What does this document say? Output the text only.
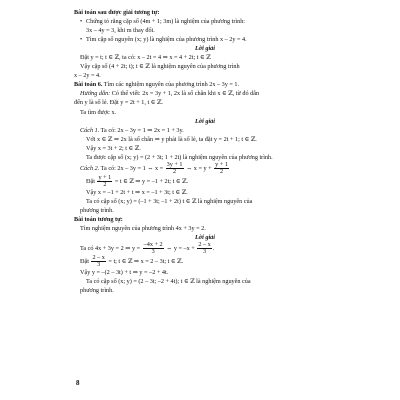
Bài toán sau được giải tương tự:
• Chứng tỏ rằng cặp số (4m + 1; 3m) là nghiệm của phương trình:
3x – 4y = 3, khi m thay đổi.
• Tìm cặp số nguyên (x; y) là nghiệm của phương trình x – 2y = 4.
Lời giải
Đặt y = t; t ∈ ℤ, ta có: x – 2t = 4 ⇒ x = 4 + 2t; t ∈ ℤ
Vậy cặp số (4 + 2t; t); t ∈ ℤ là nghiệm nguyên của phương trình
x – 2y = 4.
Bài toán 6. Tìm các nghiệm nguyên của phương trình 2x – 3y = 1.
Hướng dẫn: Có thể viết: 2x = 3y + 1, 2x là số chẵn khi x ∈ ℤ, từ đó dẫn
đến y là số lẻ. Đặt y = 2t + 1, t ∈ ℤ.
Ta tìm được x.
Lời giải
Cách 1. Ta có: 2x – 3y = 1 ⇒ 2x = 1 + 3y.
Với x ∈ ℤ ⇒ 2x là số chẵn ⇒ y phải là số lẻ, ta đặt y = 2t + 1; t ∈ ℤ.
Vậy x = 3t + 2; t ∈ ℤ.
Ta được cặp số (x; y) = (2 + 3t; 1 + 2t) là nghiệm nguyên của phương trình.
Cách 2. Ta có: 2x – 3y = 1 ⇔ $x = \frac{3y + 1}{2}$ ⇔ $x = y + \frac{y + 1}{2}$
Đặt $\frac{y + 1}{2} = t$ ∈ ℤ ⇒ y = –1 + 2t; t ∈ ℤ.
Vậy x = –1 + 2t + t ⇒ x = –1 + 3t; t ∈ ℤ.
Ta có cặp số (x; y) = (–1 + 3t; –1 + 2t) t ∈ ℤ là nghiệm nguyên của
phương trình.
Bài toán tương tự:
Tìm nghiệm nguyên của phương trình 4x + 3y = 2.
Lời giải
Ta có 4x + 3y = 2 ⇒ $y = \frac{-4x + 2}{3}$ ⇔ $y = -x + \frac{2 - x}{3}$ .
Đặt $\frac{2 - x}{3} = t$; t ∈ ℤ ⇒ x = 2 – 3t; t ∈ ℤ.
Vậy y = –(2 – 3t) + t ⇒ y = –2 + 4t.
Ta có cặp số (x; y) = (2 – 3t; –2 + 4t); t ∈ ℤ là nghiệm nguyên của
phương trình.
8
